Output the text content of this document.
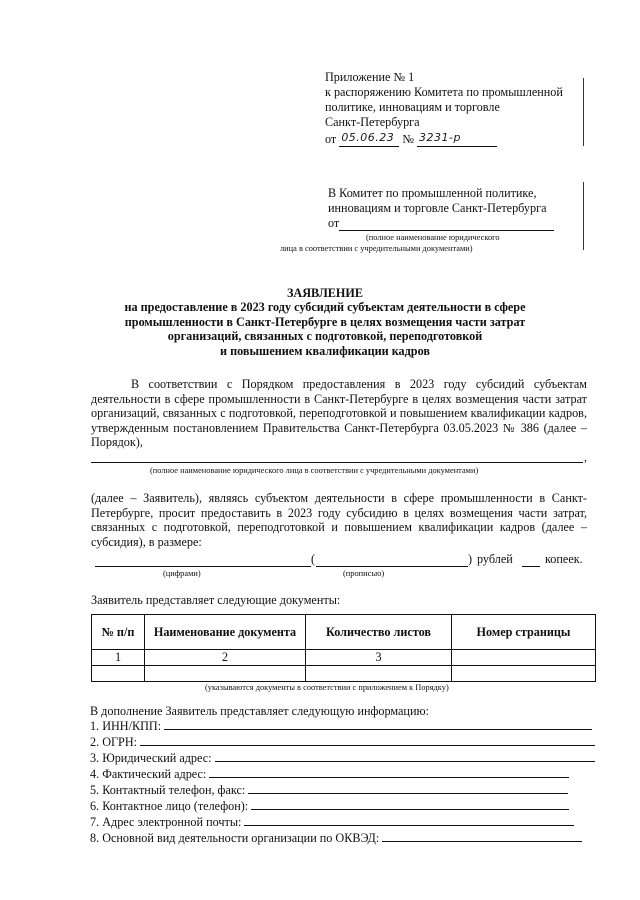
Приложение № 1
к распоряжению Комитета по промышленной
политике, инновациям и торговле
Санкт-Петербурга
от 05.06.23 № 3231-р
В Комитет по промышленной политике,
инновациям и торговле Санкт-Петербурга
от
(полное наименование юридического
лица в соответствии с учредительными документами)
ЗАЯВЛЕНИЕ
на предоставление в 2023 году субсидий субъектам деятельности в сфере
промышленности в Санкт-Петербурге в целях возмещения части затрат
организаций, связанных с подготовкой, переподготовкой
и повышением квалификации кадров
В соответствии с Порядком предоставления в 2023 году субсидий субъектам деятельности в сфере промышленности в Санкт-Петербурге в целях возмещения части затрат организаций, связанных с подготовкой, переподготовкой и повышением квалификации кадров, утвержденным постановлением Правительства Санкт-Петербурга 03.05.2023 № 386 (далее – Порядок),
,
(полное наименование юридического лица в соответствии с учредительными документами)
(далее – Заявитель), являясь субъектом деятельности в сфере промышленности в Санкт-Петербурге, просит предоставить в 2023 году субсидию в целях возмещения части затрат, связанных с подготовкой, переподготовкой и повышением квалификации кадров (далее – субсидия), в размере:
(	) рублей	копеек.
(цифрами)	(прописью)
Заявитель представляет следующие документы:
№ п/п	Наименование документа	Количество листов	Номер страницы
1	2	3	

(указываются документы в соответствии с приложением к Порядку)
В дополнение Заявитель представляет следующую информацию:
1. ИНН/КПП:
2. ОГРН:
3. Юридический адрес:
4. Фактический адрес:
5. Контактный телефон, факс:
6. Контактное лицо (телефон):
7. Адрес электронной почты:
8. Основной вид деятельности организации по ОКВЭД:
